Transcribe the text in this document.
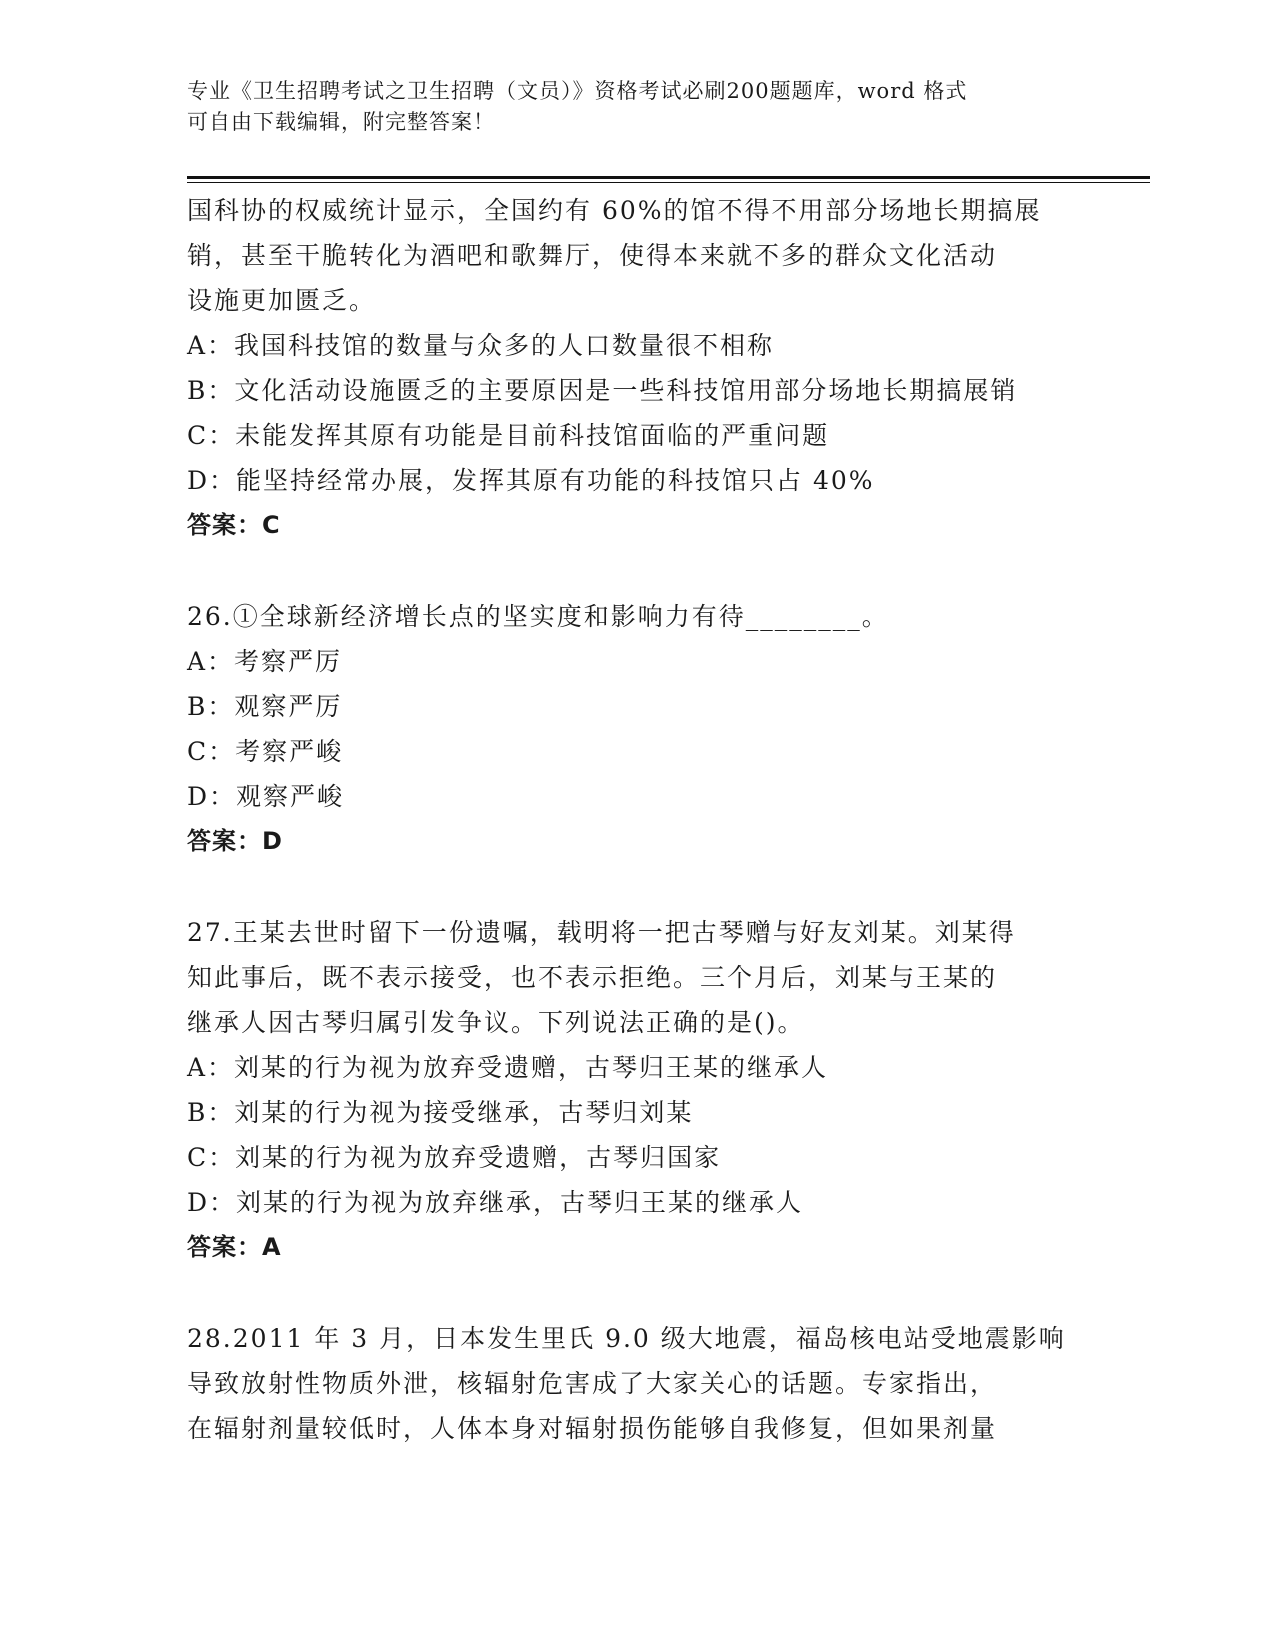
专业《卫生招聘考试之卫生招聘（文员）》资格考试必刷200题题库，word 格式

可自由下载编辑，附完整答案！

国科协的权威统计显示，全国约有 60%的馆不得不用部分场地长期搞展

销，甚至干脆转化为酒吧和歌舞厅，使得本来就不多的群众文化活动

设施更加匮乏。

A：我国科技馆的数量与众多的人口数量很不相称

B：文化活动设施匮乏的主要原因是一些科技馆用部分场地长期搞展销

C：未能发挥其原有功能是目前科技馆面临的严重问题

D：能坚持经常办展，发挥其原有功能的科技馆只占 40%

答案：C

26.①全球新经济增长点的坚实度和影响力有待________。

A：考察严厉

B：观察严厉

C：考察严峻

D：观察严峻

答案：D

27.王某去世时留下一份遗嘱，载明将一把古琴赠与好友刘某。刘某得

知此事后，既不表示接受，也不表示拒绝。三个月后，刘某与王某的

继承人因古琴归属引发争议。下列说法正确的是()。

A：刘某的行为视为放弃受遗赠，古琴归王某的继承人

B：刘某的行为视为接受继承，古琴归刘某

C：刘某的行为视为放弃受遗赠，古琴归国家

D：刘某的行为视为放弃继承，古琴归王某的继承人

答案：A

28.2011 年 3 月，日本发生里氏 9.0 级大地震，福岛核电站受地震影响

导致放射性物质外泄，核辐射危害成了大家关心的话题。专家指出，

在辐射剂量较低时，人体本身对辐射损伤能够自我修复，但如果剂量
